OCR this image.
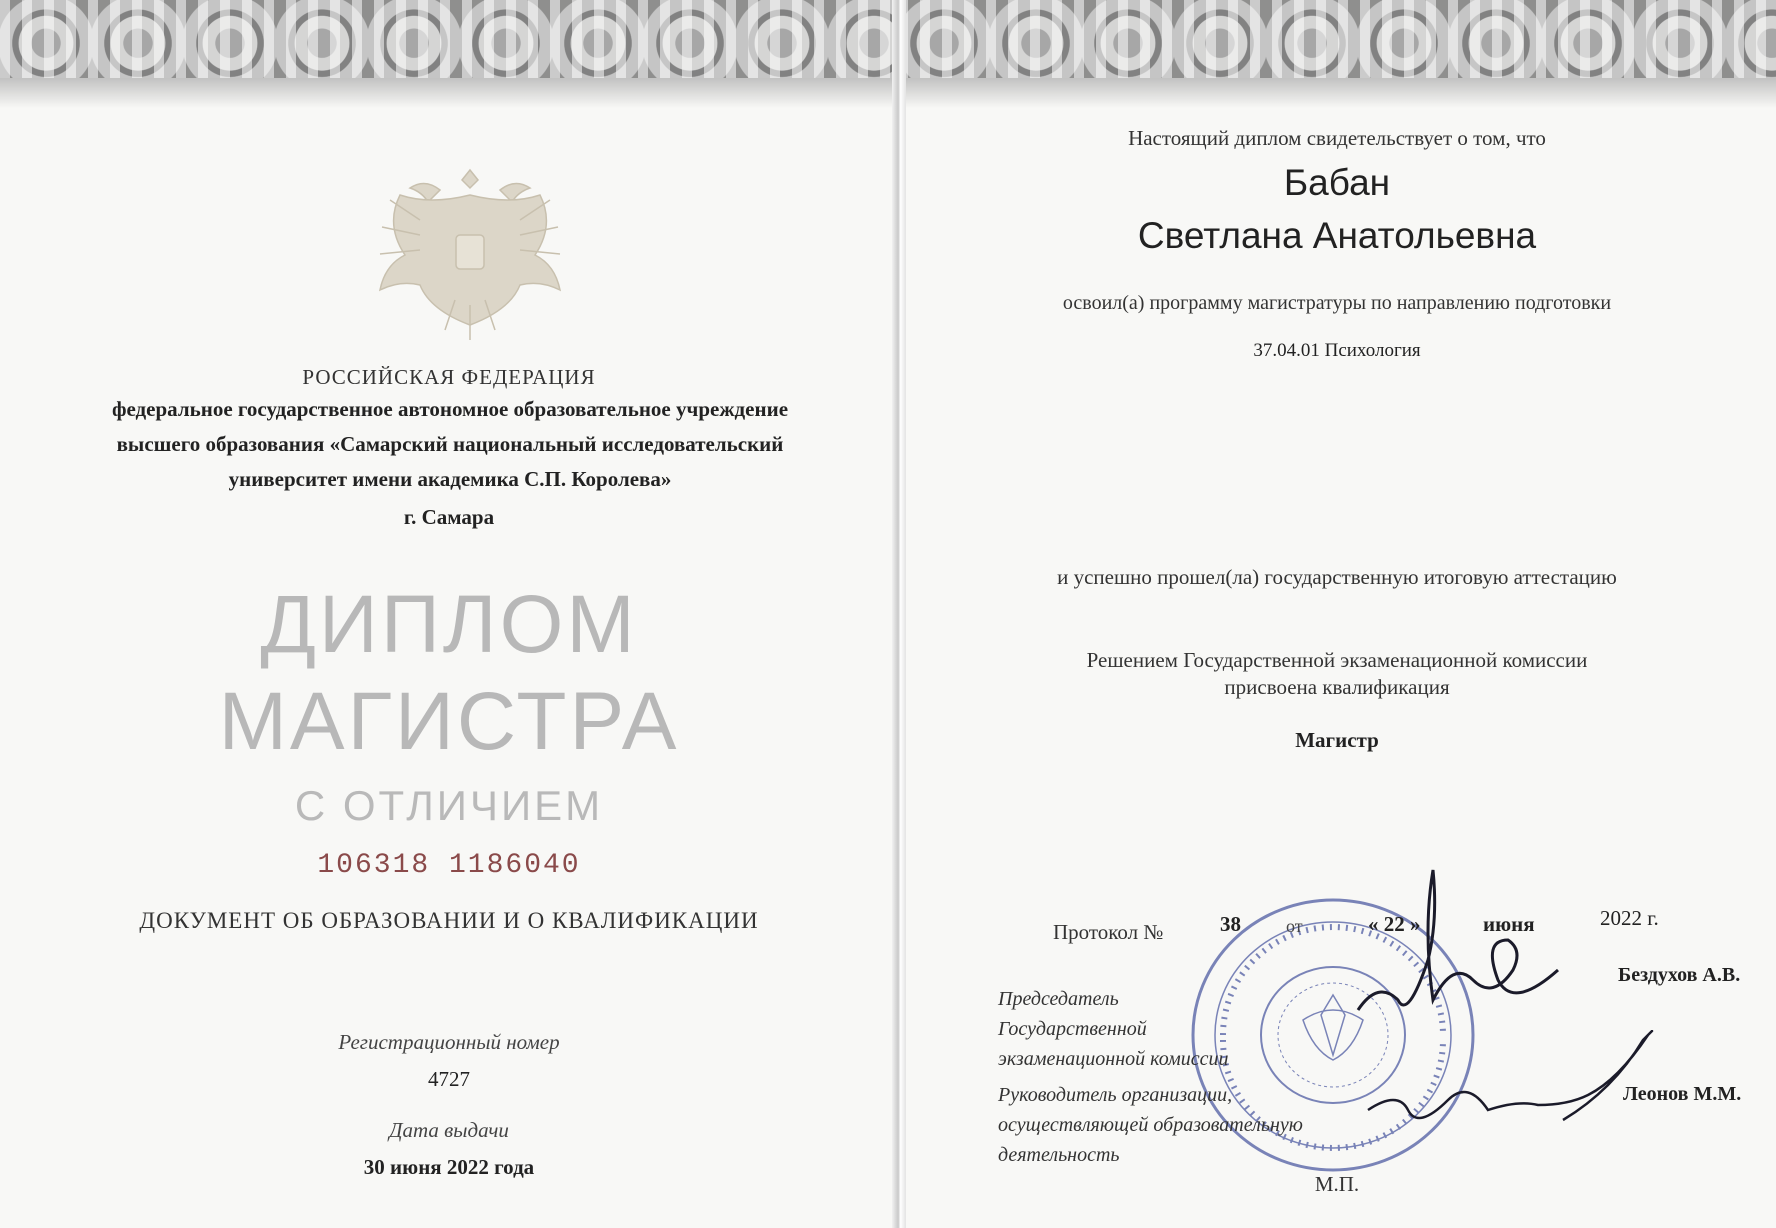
РОССИЙСКАЯ ФЕДЕРАЦИЯ
федеральное государственное автономное образовательное учреждение
высшего образования «Самарский национальный исследовательский
университет имени академика С.П. Королева»
г. Самара
ДИПЛОМ
МАГИСТРА
С ОТЛИЧИЕМ
106318 1186040
ДОКУМЕНТ ОБ ОБРАЗОВАНИИ И О КВАЛИФИКАЦИИ
Регистрационный номер
4727
Дата выдачи
30 июня 2022 года
Настоящий диплом свидетельствует о том, что
Бабан
Светлана Анатольевна
освоил(а) программу магистратуры по направлению подготовки
37.04.01 Психология
и успешно прошел(ла) государственную итоговую аттестацию
Решением Государственной экзаменационной комиссии
присвоена квалификация
Магистр
Протокол №	38	от	« 22 »	июня	2022 г.
Председатель
Государственной
экзаменационной комиссии
Бездухов А.В.
Руководитель организации,
осуществляющей образовательную
деятельность
Леонов М.М.
М.П.
